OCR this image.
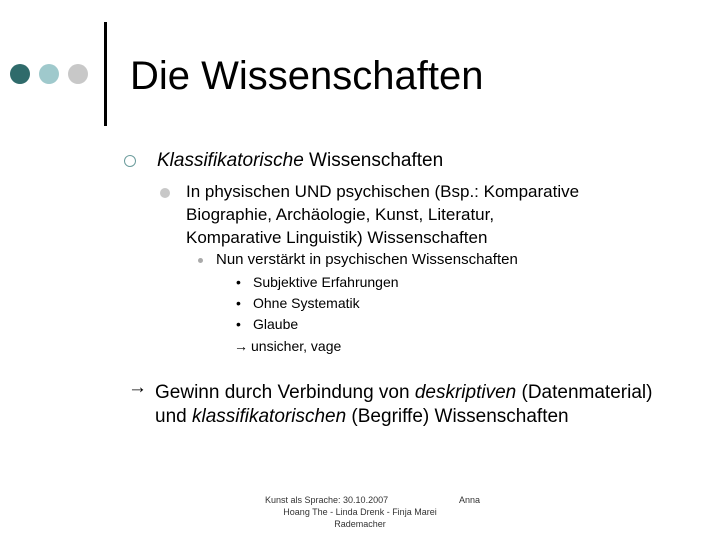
Die Wissenschaften
Klassifikatorische Wissenschaften
In physischen UND psychischen (Bsp.: Komparative
Biographie, Archäologie, Kunst, Literatur,
Komparative Linguistik) Wissenschaften
Nun verstärkt in psychischen Wissenschaften
• Subjektive Erfahrungen
• Ohne Systematik
• Glaube
→ unsicher, vage
→ Gewinn durch Verbindung von deskriptiven (Datenmaterial) und klassifikatorischen (Begriffe) Wissenschaften
Kunst als Sprache: 30.10.2007	Anna
Hoang The - Linda Drenk - Finja Marei
Rademacher
